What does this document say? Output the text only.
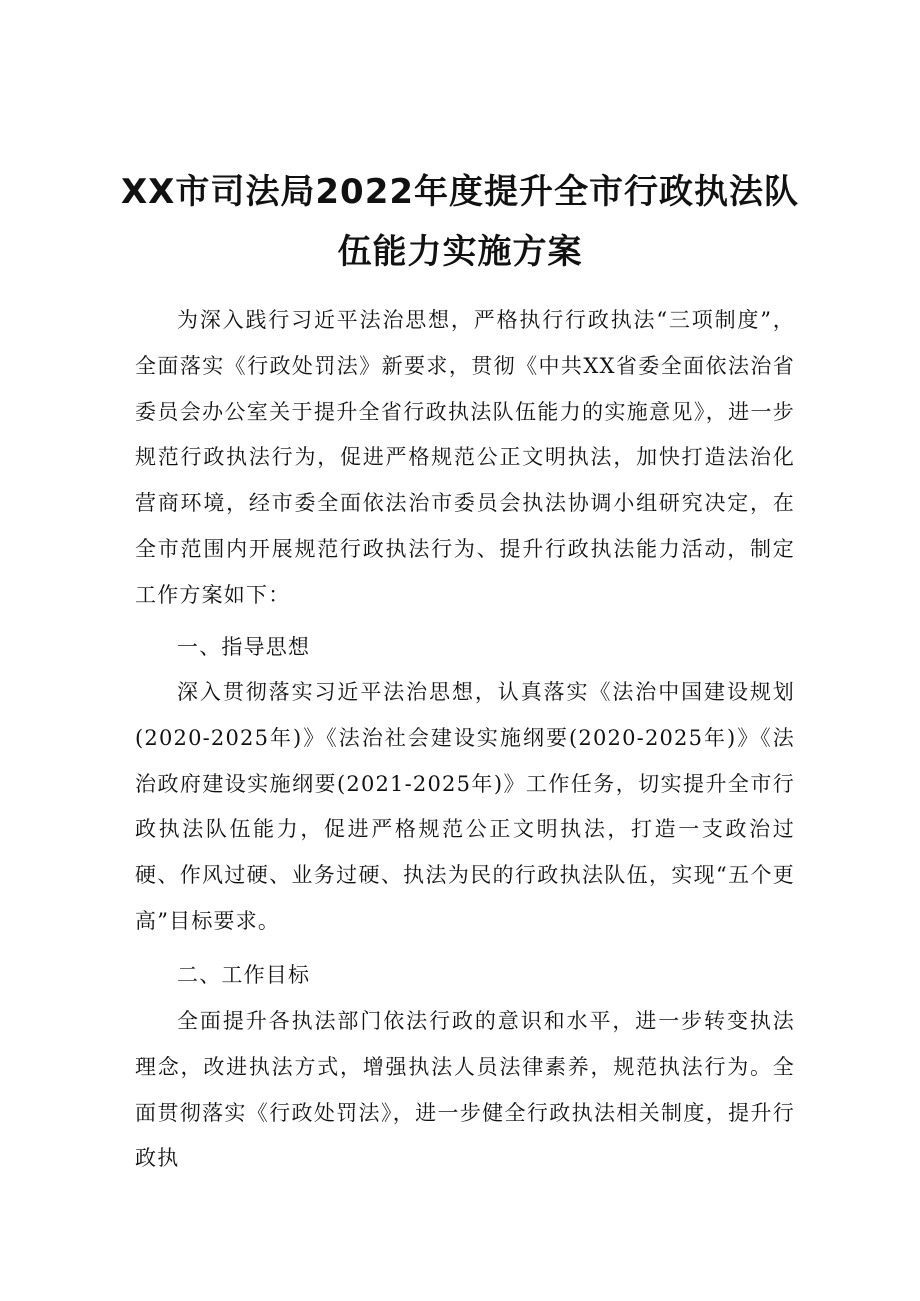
XX市司法局2022年度提升全市行政执法队
伍能力实施方案

为深入践行习近平法治思想，严格执行行政执法“三项制度”，全面落实《行政处罚法》新要求，贯彻《中共XX省委全面依法治省委员会办公室关于提升全省行政执法队伍能力的实施意见》，进一步规范行政执法行为，促进严格规范公正文明执法，加快打造法治化营商环境，经市委全面依法治市委员会执法协调小组研究决定，在全市范围内开展规范行政执法行为、提升行政执法能力活动，制定工作方案如下：

一、指导思想

深入贯彻落实习近平法治思想，认真落实《法治中国建设规划(2020-2025年)》《法治社会建设实施纲要(2020-2025年)》《法治政府建设实施纲要(2021-2025年)》工作任务，切实提升全市行政执法队伍能力，促进严格规范公正文明执法，打造一支政治过硬、作风过硬、业务过硬、执法为民的行政执法队伍，实现“五个更高”目标要求。

二、工作目标

全面提升各执法部门依法行政的意识和水平，进一步转变执法理念，改进执法方式，增强执法人员法律素养，规范执法行为。全面贯彻落实《行政处罚法》，进一步健全行政执法相关制度，提升行政执
